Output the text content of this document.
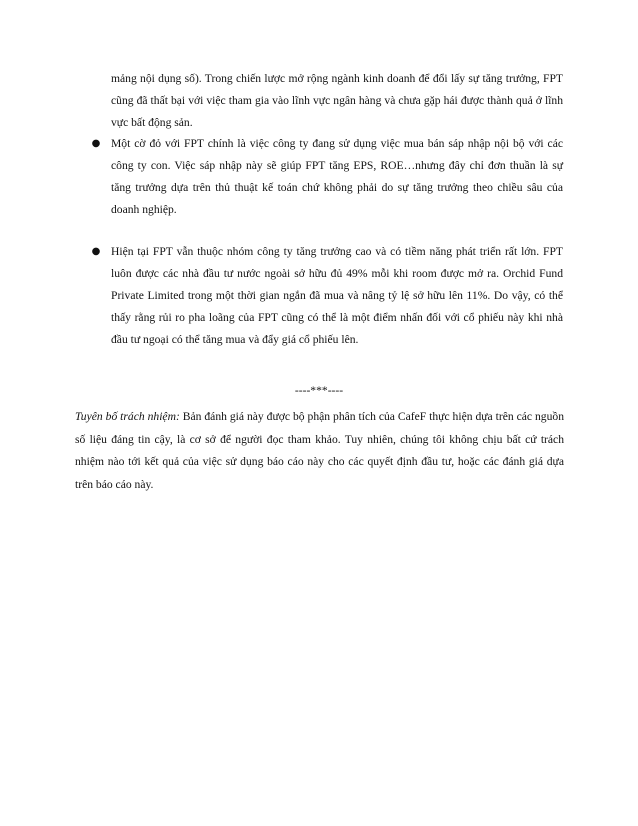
mảng nội dụng số). Trong chiến lược mở rộng ngành kinh doanh để đổi lấy sự tăng trưởng, FPT cũng đã thất bại với việc tham gia vào lĩnh vực ngân hàng và chưa gặp hái được thành quả ở lĩnh vực bất động sản.

● Một cờ đỏ với FPT chính là việc công ty đang sử dụng việc mua bán sáp nhập nội bộ với các công ty con. Việc sáp nhập này sẽ giúp FPT tăng EPS, ROE…nhưng đây chỉ đơn thuần là sự tăng trưởng dựa trên thủ thuật kế toán chứ không phải do sự tăng trưởng theo chiều sâu của doanh nghiệp.
● Hiện tại FPT vẫn thuộc nhóm công ty tăng trưởng cao và có tiềm năng phát triển rất lớn. FPT luôn được các nhà đầu tư nước ngoài sở hữu đủ 49% mỗi khi room được mở ra. Orchid Fund Private Limited trong một thời gian ngắn đã mua và nâng tỷ lệ sở hữu lên 11%. Do vậy, có thể thấy rằng rủi ro pha loãng của FPT cũng có thể là một điểm nhấn đối với cổ phiếu này khi nhà đầu tư ngoại có thể tăng mua và đẩy giá cổ phiếu lên.

----***----

Tuyên bố trách nhiệm: Bản đánh giá này được bộ phận phân tích của CafeF thực hiện dựa trên các nguồn số liệu đáng tin cậy, là cơ sở để người đọc tham khảo. Tuy nhiên, chúng tôi không chịu bất cứ trách nhiệm nào tới kết quả của việc sử dụng báo cáo này cho các quyết định đầu tư, hoặc các đánh giá dựa trên báo cáo này.
